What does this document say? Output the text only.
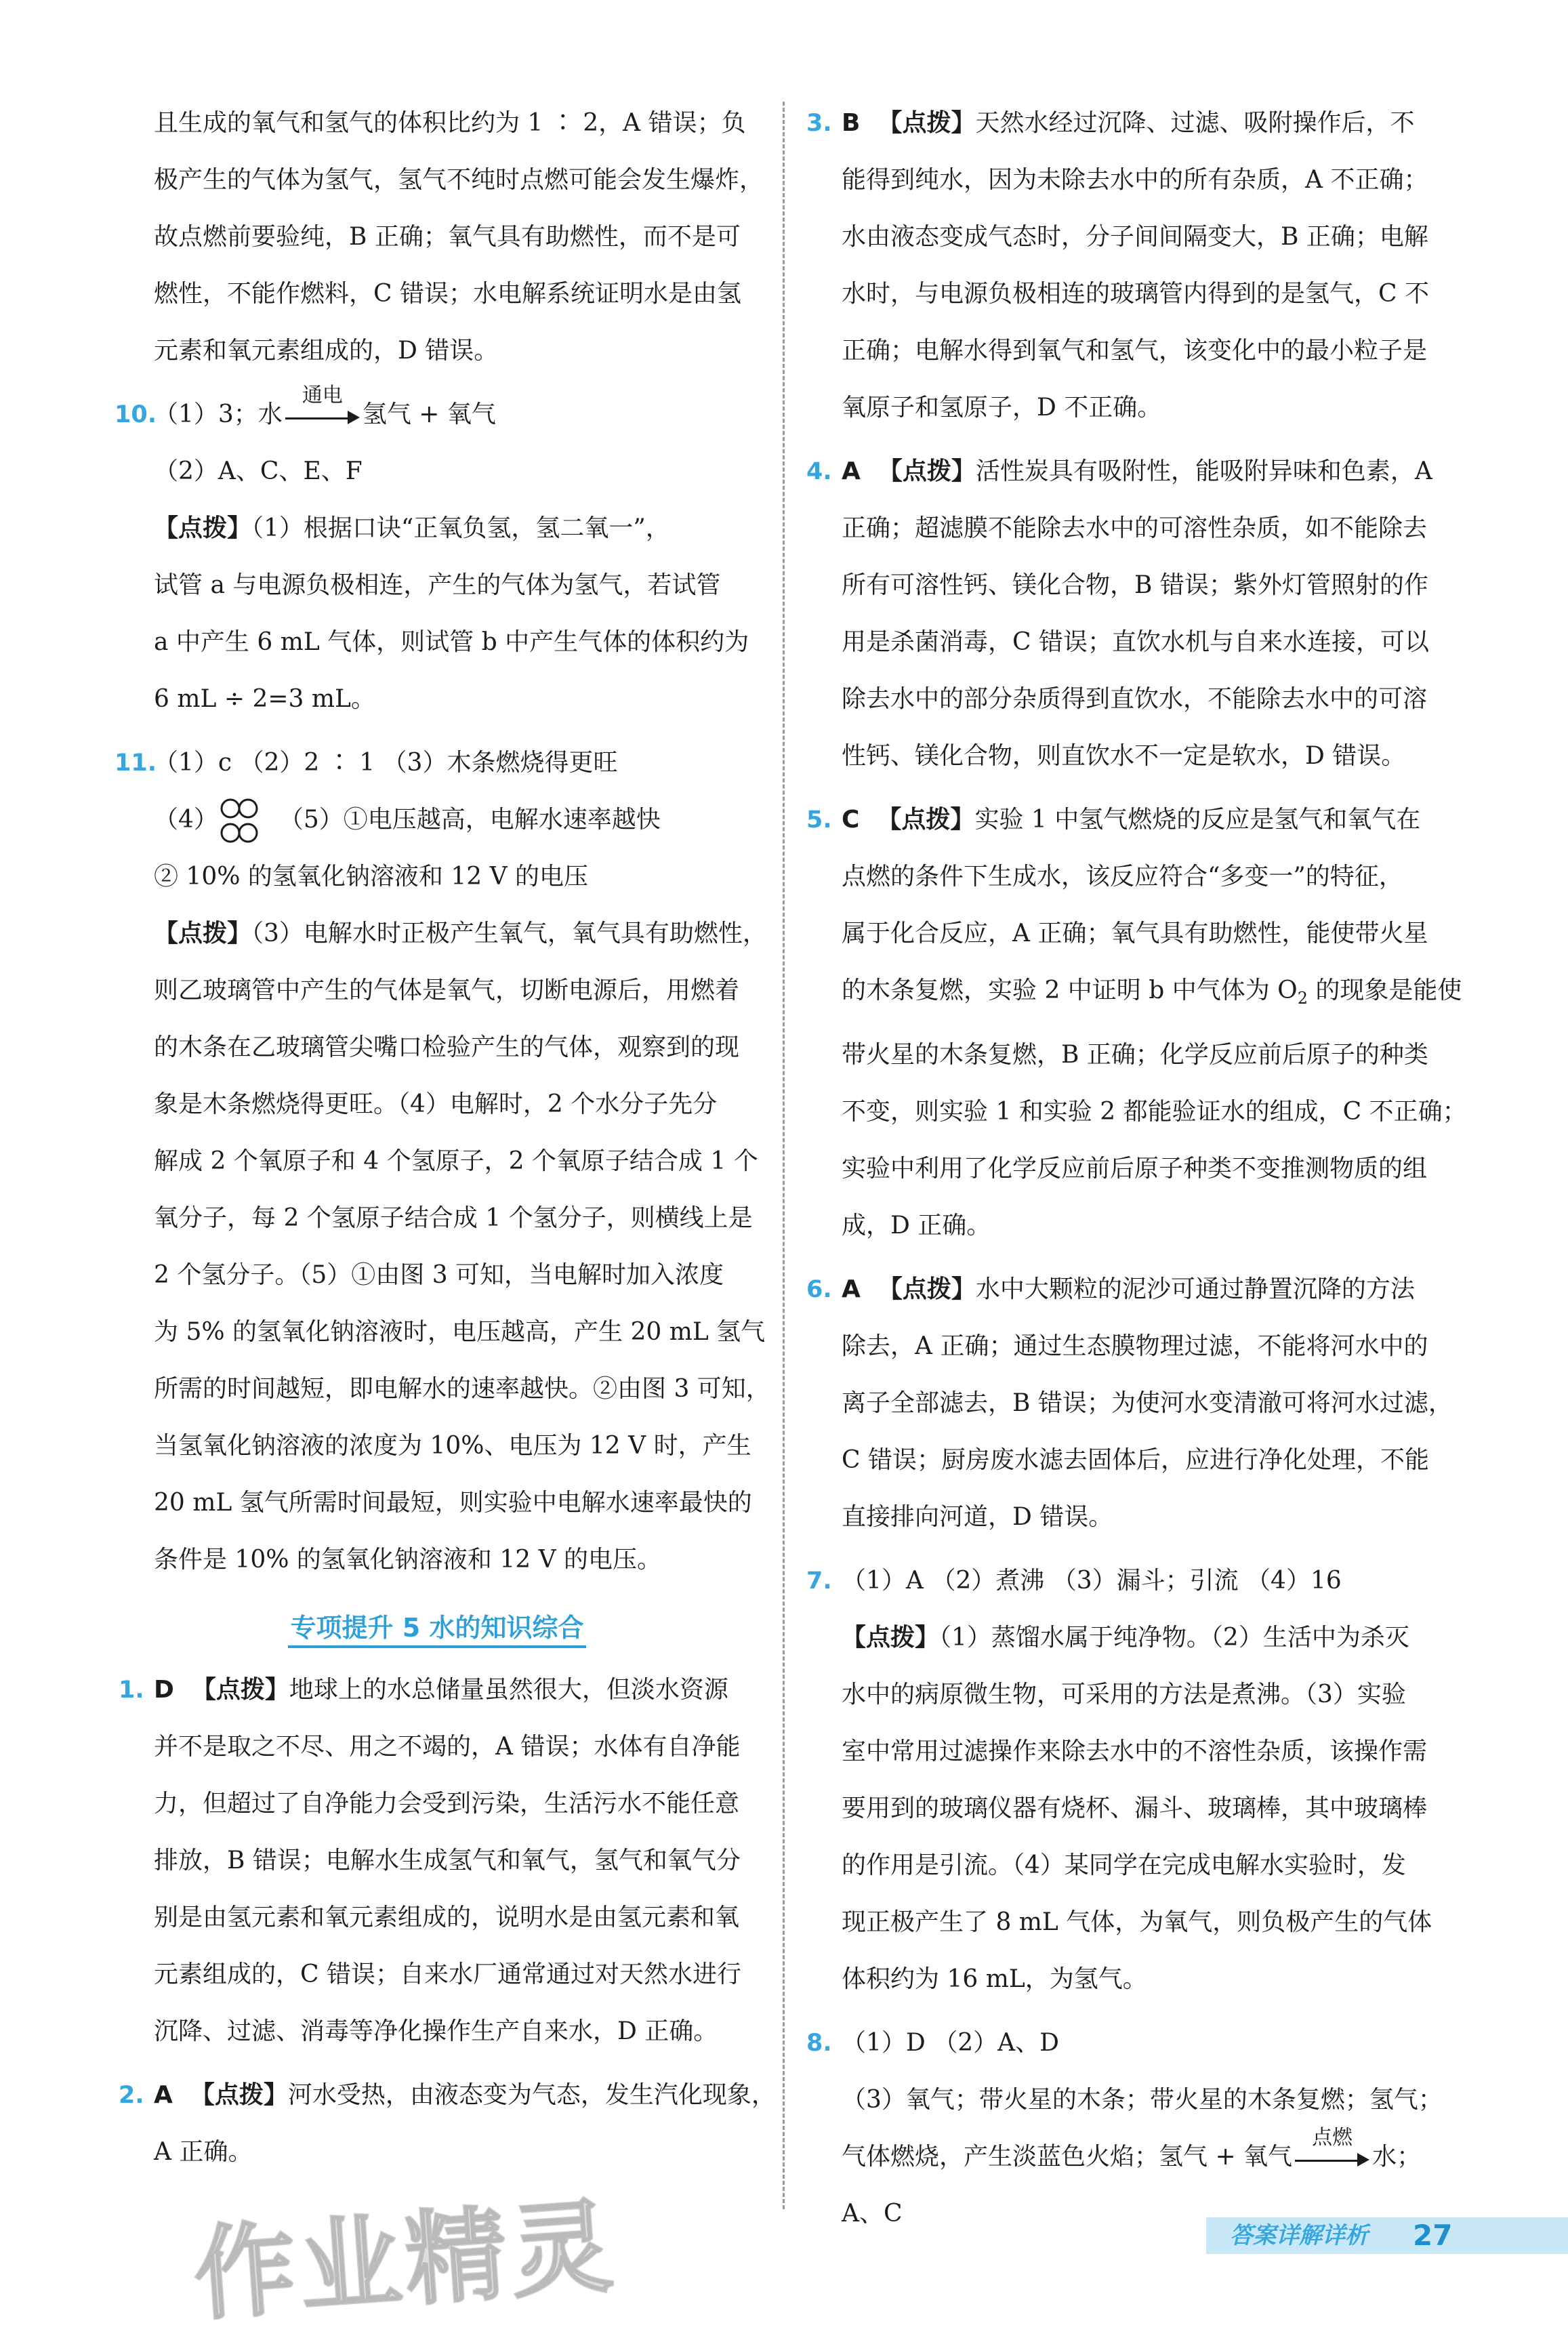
且生成的氧气和氢气的体积比约为 1 ∶ 2，A 错误；负
极产生的气体为氢气，氢气不纯时点燃可能会发生爆炸，
故点燃前要验纯，B 正确；氧气具有助燃性，而不是可
燃性，不能作燃料，C 错误；水电解系统证明水是由氢
元素和氧元素组成的，D 错误。
10.
（1）3；水
通电
氢气 + 氧气
（2）A、C、E、F
【点拨】（1）根据口诀“正氧负氢，氢二氧一”，
试管 a 与电源负极相连，产生的气体为氢气，若试管
a 中产生 6 mL 气体，则试管 b 中产生气体的体积约为
6 mL ÷ 2=3 mL。
11.
（1）c （2）2 ∶ 1 （3）木条燃烧得更旺
（4）	（5）①电压越高，电解水速率越快
② 10% 的氢氧化钠溶液和 12 V 的电压
【点拨】（3）电解水时正极产生氧气，氧气具有助燃性，
则乙玻璃管中产生的气体是氧气，切断电源后，用燃着
的木条在乙玻璃管尖嘴口检验产生的气体，观察到的现
象是木条燃烧得更旺。（4）电解时，2 个水分子先分
解成 2 个氧原子和 4 个氢原子，2 个氧原子结合成 1 个
氧分子，每 2 个氢原子结合成 1 个氢分子，则横线上是
2 个氢分子。（5）①由图 3 可知，当电解时加入浓度
为 5% 的氢氧化钠溶液时，电压越高，产生 20 mL 氢气
所需的时间越短，即电解水的速率越快。②由图 3 可知，
当氢氧化钠溶液的浓度为 10%、电压为 12 V 时，产生
20 mL 氢气所需时间最短，则实验中电解水速率最快的
条件是 10% 的氢氧化钠溶液和 12 V 的电压。
专项提升 5 水的知识综合
1. D 【点拨】地球上的水总储量虽然很大，但淡水资源
并不是取之不尽、用之不竭的，A 错误；水体有自净能
力，但超过了自净能力会受到污染，生活污水不能任意
排放，B 错误；电解水生成氢气和氧气，氢气和氧气分
别是由氢元素和氧元素组成的，说明水是由氢元素和氧
元素组成的，C 错误；自来水厂通常通过对天然水进行
沉降、过滤、消毒等净化操作生产自来水，D 正确。
2. A 【点拨】河水受热，由液态变为气态，发生汽化现象，
A 正确。
3. B 【点拨】天然水经过沉降、过滤、吸附操作后，不
能得到纯水，因为未除去水中的所有杂质，A 不正确；
水由液态变成气态时，分子间间隔变大，B 正确；电解
水时，与电源负极相连的玻璃管内得到的是氢气，C 不
正确；电解水得到氧气和氢气，该变化中的最小粒子是
氧原子和氢原子，D 不正确。
4. A 【点拨】活性炭具有吸附性，能吸附异味和色素，A
正确；超滤膜不能除去水中的可溶性杂质，如不能除去
所有可溶性钙、镁化合物，B 错误；紫外灯管照射的作
用是杀菌消毒，C 错误；直饮水机与自来水连接，可以
除去水中的部分杂质得到直饮水，不能除去水中的可溶
性钙、镁化合物，则直饮水不一定是软水，D 错误。
5. C 【点拨】实验 1 中氢气燃烧的反应是氢气和氧气在
点燃的条件下生成水，该反应符合“多变一”的特征，
属于化合反应，A 正确；氧气具有助燃性，能使带火星
的木条复燃，实验 2 中证明 b 中气体为 $O_2$ 的现象是能使
带火星的木条复燃，B 正确；化学反应前后原子的种类
不变，则实验 1 和实验 2 都能验证水的组成，C 不正确；
实验中利用了化学反应前后原子种类不变推测物质的组
成，D 正确。
6. A 【点拨】水中大颗粒的泥沙可通过静置沉降的方法
除去，A 正确；通过生态膜物理过滤，不能将河水中的
离子全部滤去，B 错误；为使河水变清澈可将河水过滤，
C 错误；厨房废水滤去固体后，应进行净化处理，不能
直接排向河道，D 错误。
7. （1）A （2）煮沸 （3）漏斗；引流 （4）16
【点拨】（1）蒸馏水属于纯净物。（2）生活中为杀灭
水中的病原微生物，可采用的方法是煮沸。（3）实验
室中常用过滤操作来除去水中的不溶性杂质，该操作需
要用到的玻璃仪器有烧杯、漏斗、玻璃棒，其中玻璃棒
的作用是引流。（4）某同学在完成电解水实验时，发
现正极产生了 8 mL 气体，为氧气，则负极产生的气体
体积约为 16 mL，为氢气。
8. （1）D （2）A、D
（3）氧气；带火星的木条；带火星的木条复燃；氢气；
气体燃烧，产生淡蓝色火焰；氢气 + 氧气
点燃
水；
A、C
作业精灵	答案详解详析 27
